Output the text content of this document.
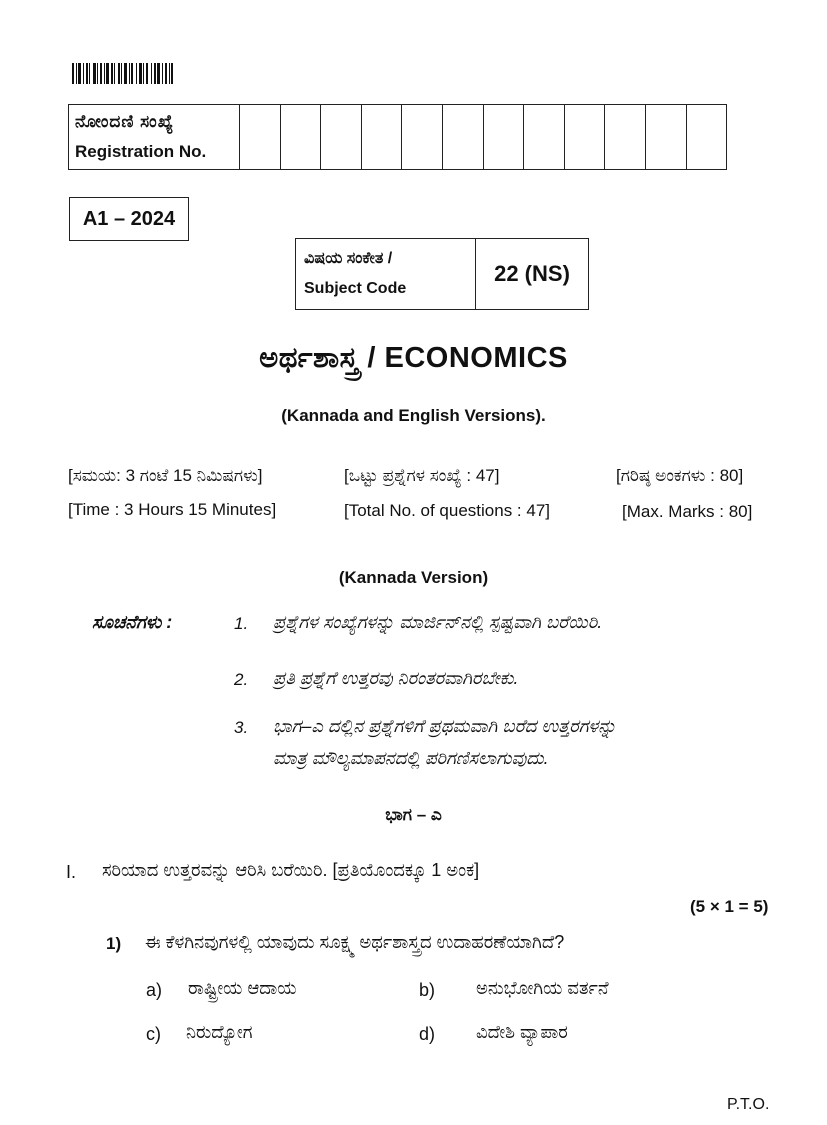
ನೋಂದಣಿ ಸಂಖ್ಯೆ
Registration No.

A1 – 2024
ವಿಷಯ ಸಂಕೇತ /
Subject Code
	22 (NS)
ಅರ್ಥಶಾಸ್ತ್ರ / ECONOMICS
(Kannada and English Versions).
[ಸಮಯ: 3 ಗಂಟೆ 15 ನಿಮಿಷಗಳು]	[ಒಟ್ಟು ಪ್ರಶ್ನೆಗಳ ಸಂಖ್ಯೆ : 47]	[ಗರಿಷ್ಠ ಅಂಕಗಳು : 80]
[Time : 3 Hours 15 Minutes]	[Total No. of questions : 47]	[Max. Marks : 80]
(Kannada Version)
ಸೂಚನೆಗಳು :	1. ಪ್ರಶ್ನೆಗಳ ಸಂಖ್ಯೆಗಳನ್ನು ಮಾರ್ಜಿನ್‌ನಲ್ಲಿ ಸ್ಪಷ್ಟವಾಗಿ ಬರೆಯಿರಿ.
2. ಪ್ರತಿ ಪ್ರಶ್ನೆಗೆ ಉತ್ತರವು ನಿರಂತರವಾಗಿರಬೇಕು.
3. ಭಾಗ–ಎ ದಲ್ಲಿನ ಪ್ರಶ್ನೆಗಳಿಗೆ ಪ್ರಥಮವಾಗಿ ಬರೆದ ಉತ್ತರಗಳನ್ನು
ಮಾತ್ರ ಮೌಲ್ಯಮಾಪನದಲ್ಲಿ ಪರಿಗಣಿಸಲಾಗುವುದು.
ಭಾಗ – ಎ
I. ಸರಿಯಾದ ಉತ್ತರವನ್ನು ಆರಿಸಿ ಬರೆಯಿರಿ. [ಪ್ರತಿಯೊಂದಕ್ಕೂ 1 ಅಂಕ]
(5 × 1 = 5)
1) ಈ ಕೆಳಗಿನವುಗಳಲ್ಲಿ ಯಾವುದು ಸೂಕ್ಷ್ಮ ಅರ್ಥಶಾಸ್ತ್ರದ ಉದಾಹರಣೆಯಾಗಿದೆ?
a) ರಾಷ್ಟ್ರೀಯ ಆದಾಯ	b) ಅನುಭೋಗಿಯ ವರ್ತನೆ
c) ನಿರುದ್ಯೋಗ	d) ವಿದೇಶಿ ವ್ಯಾಪಾರ
P.T.O.
